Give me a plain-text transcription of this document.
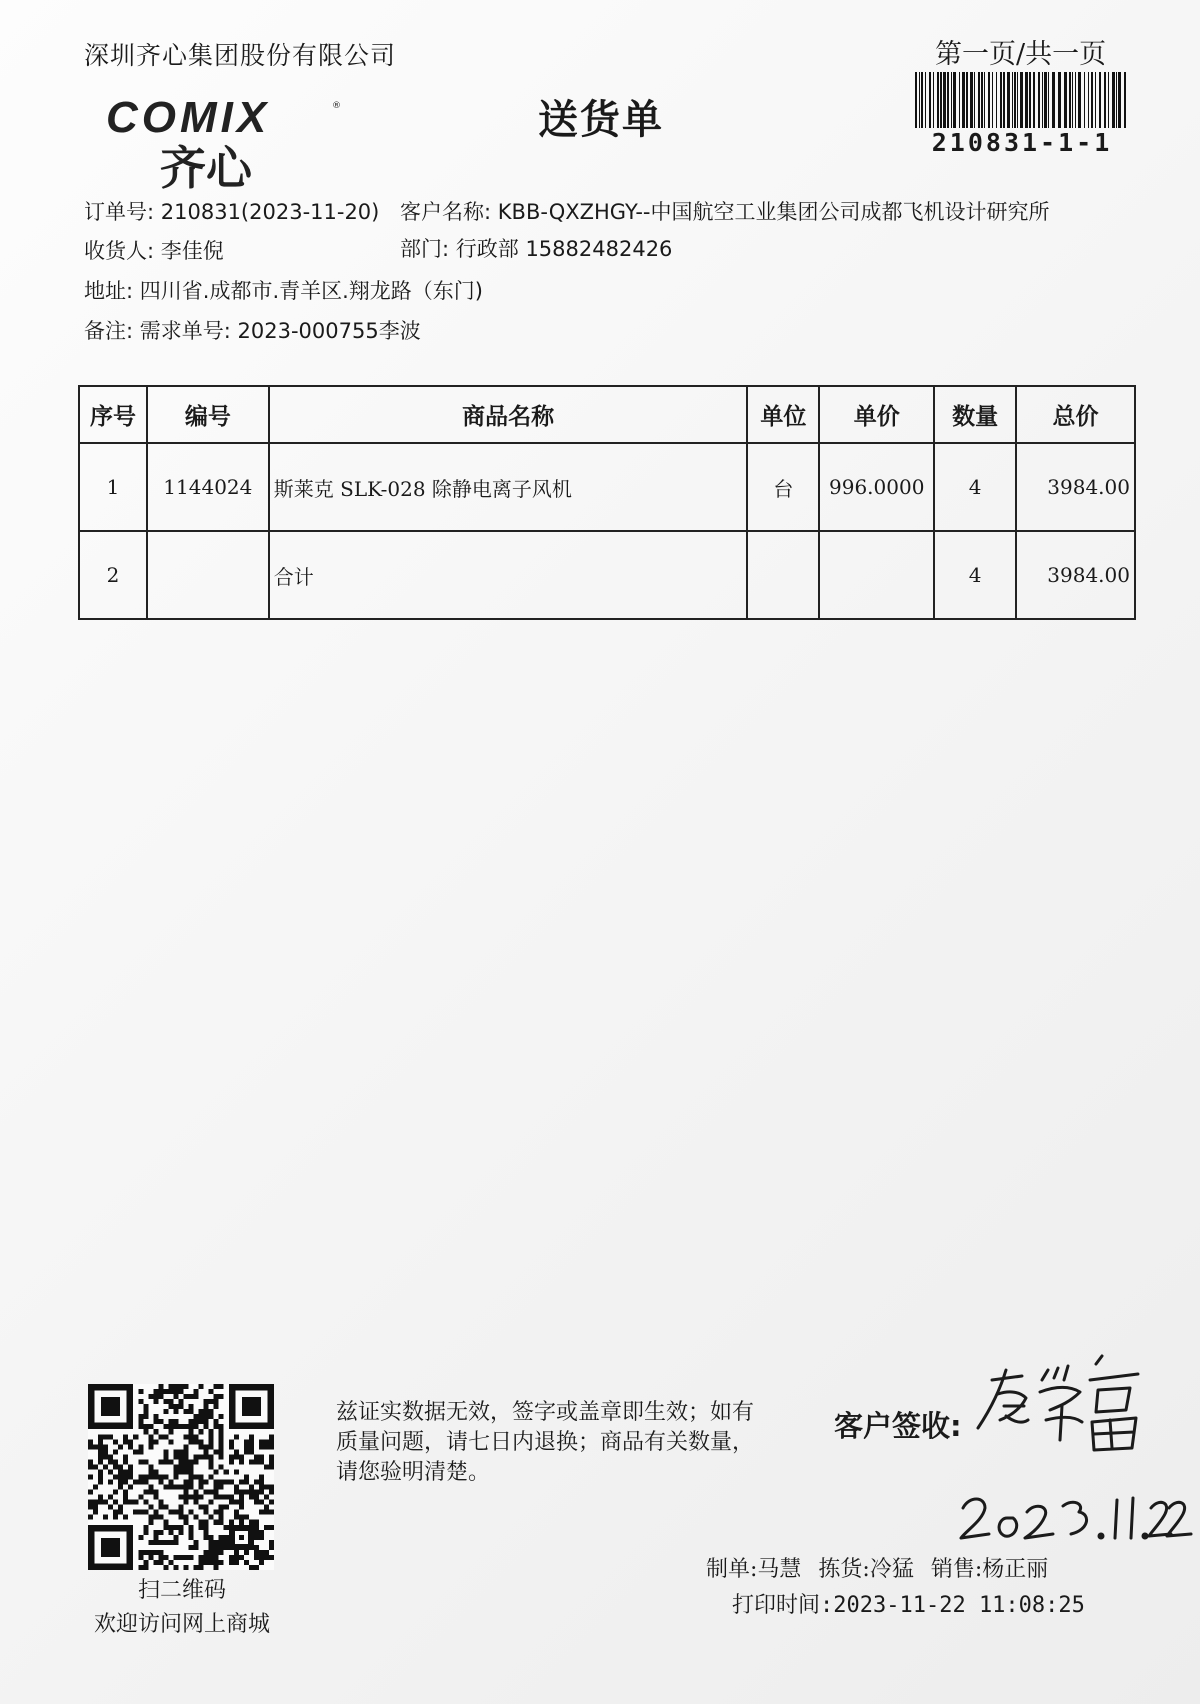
深圳齐心集团股份有限公司	第一页/共一页
COMIX	®
齐心
送货单	210831-1-1
订单号: 210831(2023-11-20) 客户名称: KBB-QXZHGY--中国航空工业集团公司成都飞机设计研究所
收货人: 李佳倪	部门: 行政部 15882482426
地址: 四川省.成都市.青羊区.翔龙路（东门)
备注: 需求单号: 2023-000755李波
序号	编号	商品名称	单位	单价	数量	总价
1	1144024	斯莱克 SLK-028 除静电离子风机	台	996.0000	4	3984.00
2		合计			4	3984.00
扫二维码
欢迎访问网上商城
兹证实数据无效，签字或盖章即生效；如有质量问题，请七日内退换；商品有关数量，请您验明清楚。
客户签收:
制单:马慧 拣货:冷猛 销售:杨正丽
打印时间:2023-11-22 11:08:25
